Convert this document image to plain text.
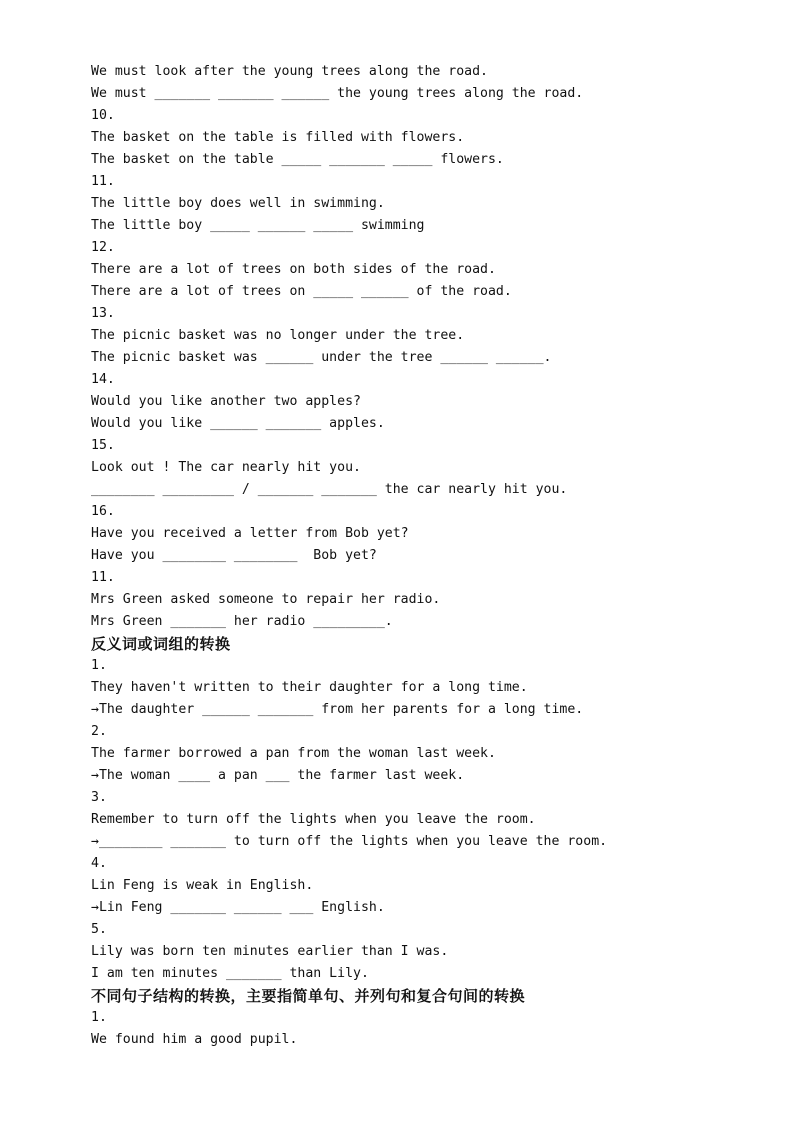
We must look after the young trees along the road.
We must _______ _______ ______ the young trees along the road.
10.
The basket on the table is filled with flowers.
The basket on the table _____ _______ _____ flowers.
11.
The little boy does well in swimming.
The little boy _____ ______ _____ swimming
12.
There are a lot of trees on both sides of the road.
There are a lot of trees on _____ ______ of the road.
13.
The picnic basket was no longer under the tree.
The picnic basket was ______ under the tree ______ ______.
14.
Would you like another two apples?
Would you like ______ _______ apples.
15.
Look out ! The car nearly hit you.
________ _________ / _______ _______ the car nearly hit you.
16.
Have you received a letter from Bob yet?
Have you ________ ________  Bob yet?
11.
Mrs Green asked someone to repair her radio.
Mrs Green _______ her radio _________.
反义词或词组的转换
1.
They haven't written to their daughter for a long time.
→The daughter ______ _______ from her parents for a long time.
2.
The farmer borrowed a pan from the woman last week.
→The woman ____ a pan ___ the farmer last week.
3.
Remember to turn off the lights when you leave the room.
→________ _______ to turn off the lights when you leave the room.
4.
Lin Feng is weak in English.
→Lin Feng _______ ______ ___ English.
5.
Lily was born ten minutes earlier than I was.
I am ten minutes _______ than Lily.
不同句子结构的转换，主要指简单句、并列句和复合句间的转换
1.
We found him a good pupil.
